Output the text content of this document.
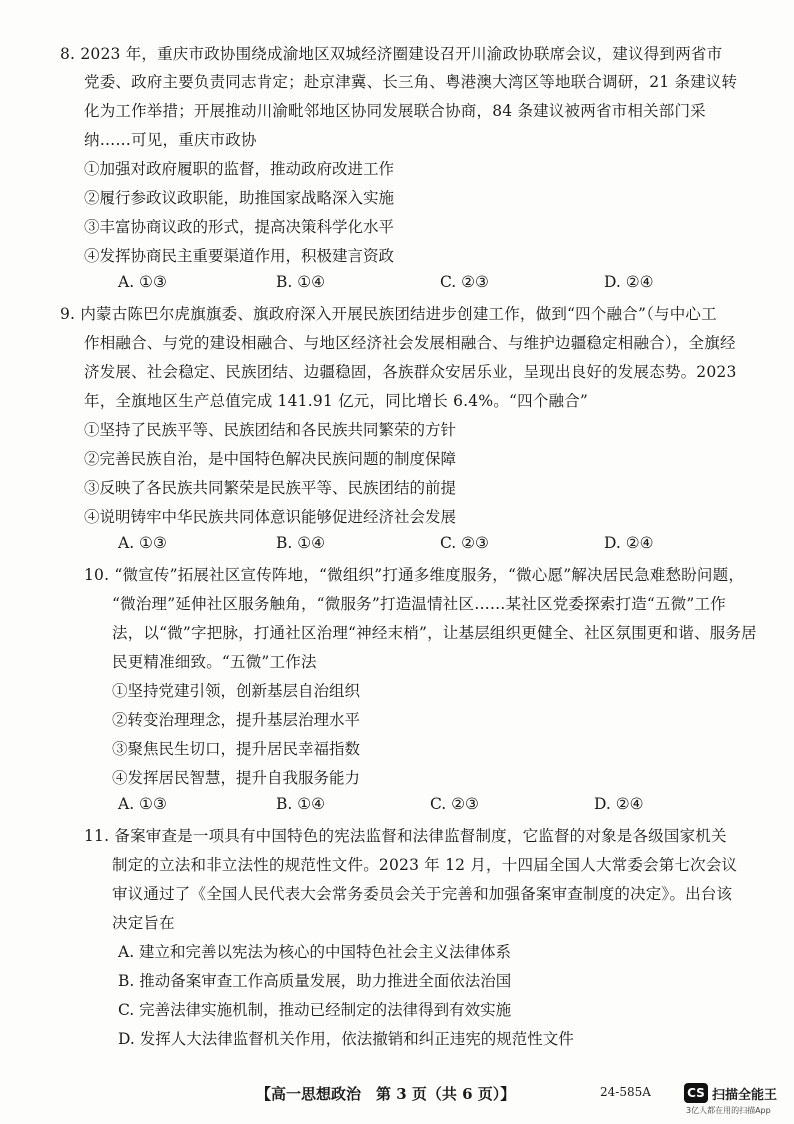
8. 2023 年，重庆市政协围绕成渝地区双城经济圈建设召开川渝政协联席会议，建议得到两省市
党委、政府主要负责同志肯定；赴京津冀、长三角、粤港澳大湾区等地联合调研，21 条建议转
化为工作举措；开展推动川渝毗邻地区协同发展联合协商，84 条建议被两省市相关部门采
纳……可见，重庆市政协
①加强对政府履职的监督，推动政府改进工作
②履行参政议政职能，助推国家战略深入实施
③丰富协商议政的形式，提高决策科学化水平
④发挥协商民主重要渠道作用，积极建言资政
A. ①③	B. ①④	C. ②③	D. ②④
9. 内蒙古陈巴尔虎旗旗委、旗政府深入开展民族团结进步创建工作，做到“四个融合”（与中心工
作相融合、与党的建设相融合、与地区经济社会发展相融合、与维护边疆稳定相融合），全旗经
济发展、社会稳定、民族团结、边疆稳固，各族群众安居乐业，呈现出良好的发展态势。2023
年，全旗地区生产总值完成 141.91 亿元，同比增长 6.4%。“四个融合”
①坚持了民族平等、民族团结和各民族共同繁荣的方针
②完善民族自治，是中国特色解决民族问题的制度保障
③反映了各民族共同繁荣是民族平等、民族团结的前提
④说明铸牢中华民族共同体意识能够促进经济社会发展
A. ①③	B. ①④	C. ②③	D. ②④
10. “微宣传”拓展社区宣传阵地，“微组织”打通多维度服务，“微心愿”解决居民急难愁盼问题，
“微治理”延伸社区服务触角，“微服务”打造温情社区……某社区党委探索打造“五微”工作
法，以“微”字把脉，打通社区治理“神经末梢”，让基层组织更健全、社区氛围更和谐、服务居
民更精准细致。“五微”工作法
①坚持党建引领，创新基层自治组织
②转变治理理念，提升基层治理水平
③聚焦民生切口，提升居民幸福指数
④发挥居民智慧，提升自我服务能力
A. ①③	B. ①④	C. ②③	D. ②④
11. 备案审查是一项具有中国特色的宪法监督和法律监督制度，它监督的对象是各级国家机关
制定的立法和非立法性的规范性文件。2023 年 12 月，十四届全国人大常委会第七次会议
审议通过了《全国人民代表大会常务委员会关于完善和加强备案审查制度的决定》。出台该
决定旨在
A. 建立和完善以宪法为核心的中国特色社会主义法律体系
B. 推动备案审查工作高质量发展，助力推进全面依法治国
C. 完善法律实施机制，推动已经制定的法律得到有效实施
D. 发挥人大法律监督机关作用，依法撤销和纠正违宪的规范性文件
【高一思想政治　第 3 页（共 6 页）】	24-585A	CS 扫描全能王
3亿人都在用的扫描App
